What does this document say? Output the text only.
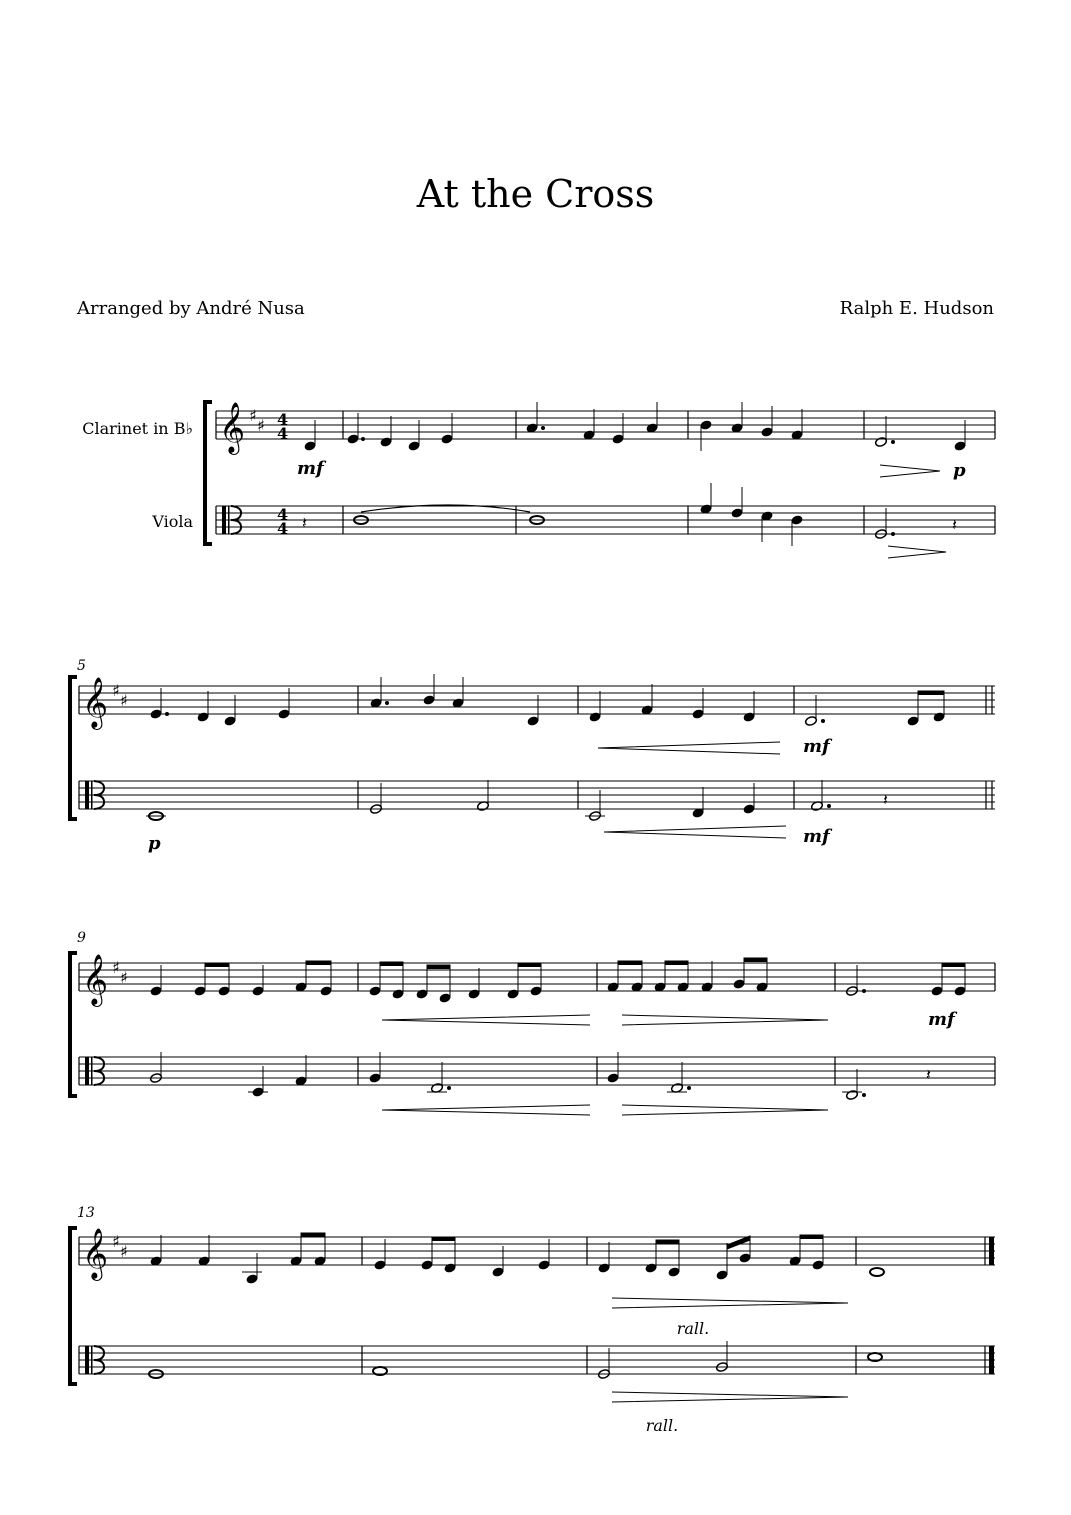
At the Cross
Arranged by André Nusa	Ralph E. Hudson
Clarinet in B♭
Viola
𝄞 ♯
♯ 4
4
4
4
mf	p
𝄽	𝄽
5
𝄞 ♯
♯
mf
𝄽
p	mf
9
𝄞 ♯
♯
mf
𝄽
13
𝄞 ♯
♯
rall.
rall.
